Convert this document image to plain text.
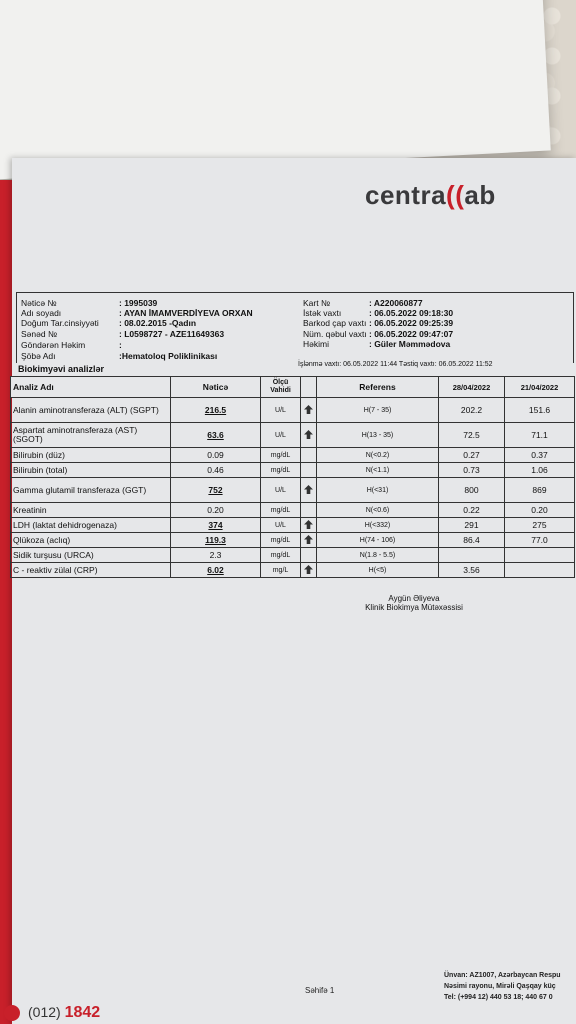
centra((ab
Nəticə №	: 1995039
Adı soyadı	: AYAN İMAMVERDİYEVA ORXAN
Doğum Tar.cinsiyyəti : 08.02.2015 -Qadın
Sənəd №	: L0598727 - AZE11649363
Göndərən Həkim	:
Şöbə Adı	:Hematoloq Poliklinikası
Kart №	: A220060877
İstək vaxtı	: 06.05.2022 09:18:30
Barkod çap vaxtı : 06.05.2022 09:25:39
Nüm. qəbul vaxtı : 06.05.2022 09:47:07
Həkimi	: Güler Məmmədova
Biokimyəvi analizlər	İşlənmə vaxtı: 06.05.2022 11:44 Təstiq vaxtı: 06.05.2022 11:52
Analiz Adı	Nəticə	Ölçü Vahidi		Referens	28/04/2022	21/04/2022
Alanin aminotransferaza (ALT) (SGPT)	216.5	U/L		H(7 - 35)	202.2	151.6
Aspartat aminotransferaza (AST) (SGOT)	63.6	U/L		H(13 - 35)	72.5	71.1
Bilirubin (düz)	0.09	mg/dL		N(<0.2)	0.27	0.37
Bilirubin (total)	0.46	mg/dL		N(<1.1)	0.73	1.06
Gamma glutamil transferaza (GGT)	752	U/L		H(<31)	800	869
Kreatinin	0.20	mg/dL		N(<0.6)	0.22	0.20
LDH (laktat dehidrogenaza)	374	U/L		H(<332)	291	275
Qlükoza (aclıq)	119.3	mg/dL		H(74 - 106)	86.4	77.0
Sidik turşusu (URCA)	2.3	mg/dL		N(1.8 - 5.5)		
C - reaktiv zülal (CRP)	6.02	mg/L		H(<5)	3.56	
Aygün Əliyeva
Klinik Biokimya Mütəxəssisi
Səhifə 1
Ünvan: AZ1007, Azərbaycan Respu
Nəsimi rayonu, Mirəli Qaşqay küç
Tel: (+994 12) 440 53 18; 440 67 0
(012) 1842
